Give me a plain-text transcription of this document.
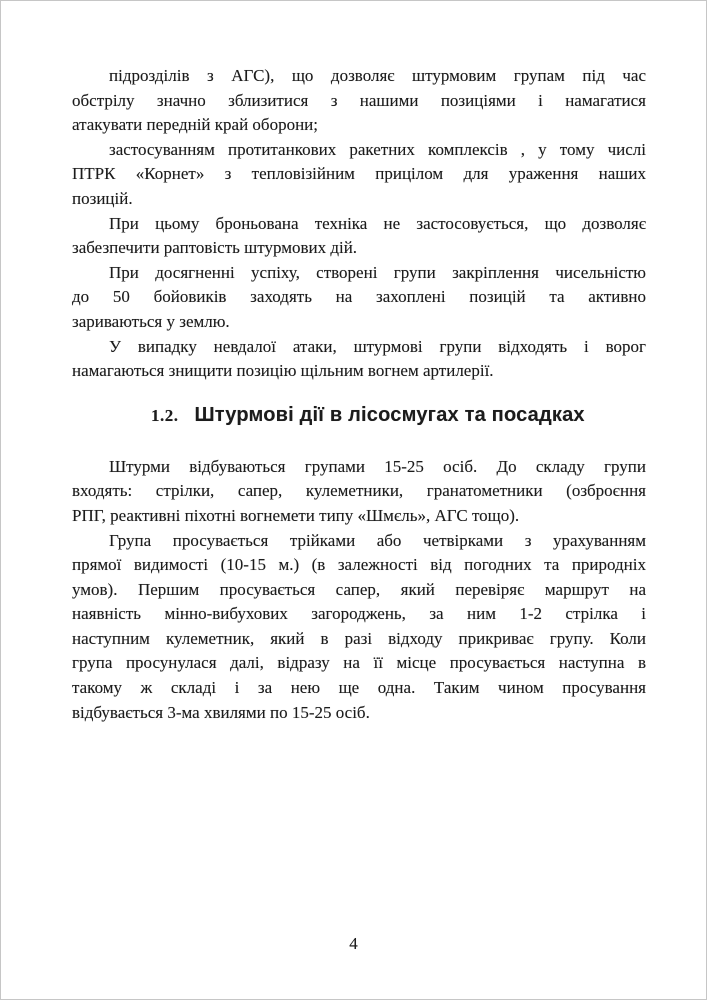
підрозділів з АГС), що дозволяє штурмовим групам під час
обстрілу значно зблизитися з нашими позиціями і намагатися
атакувати передній край оборони;
застосуванням протитанкових ракетних комплексів , у тому числі
ПТРК «Корнет» з тепловізійним прицілом для ураження наших
позицій.
При цьому броньована техніка не застосовується, що дозволяє
забезпечити раптовість штурмових дій.
При досягненні успіху, створені групи закріплення чисельністю
до 50 бойовиків заходять на захоплені позицій та активно
зариваються у землю.
У випадку невдалої атаки, штурмові групи відходять і ворог
намагаються знищити позицію щільним вогнем артилерії.
1.2. Штурмові дії в лісосмугах та посадках
Штурми відбуваються групами 15-25 осіб. До складу групи
входять: стрілки, сапер, кулеметники, гранатометники (озброєння
РПГ, реактивні піхотні вогнемети типу «Шмєль», АГС тощо).
Група просувається трійками або четвірками з урахуванням
прямої видимості (10-15 м.) (в залежності від погодних та природніх
умов). Першим просувається сапер, який перевіряє маршрут на
наявність мінно-вибухових загороджень, за ним 1-2 стрілка і
наступним кулеметник, який в разі відходу прикриває групу. Коли
група просунулася далі, відразу на її місце просувається наступна в
такому ж складі і за нею ще одна. Таким чином просування
відбувається 3-ма хвилями по 15-25 осіб.
4
